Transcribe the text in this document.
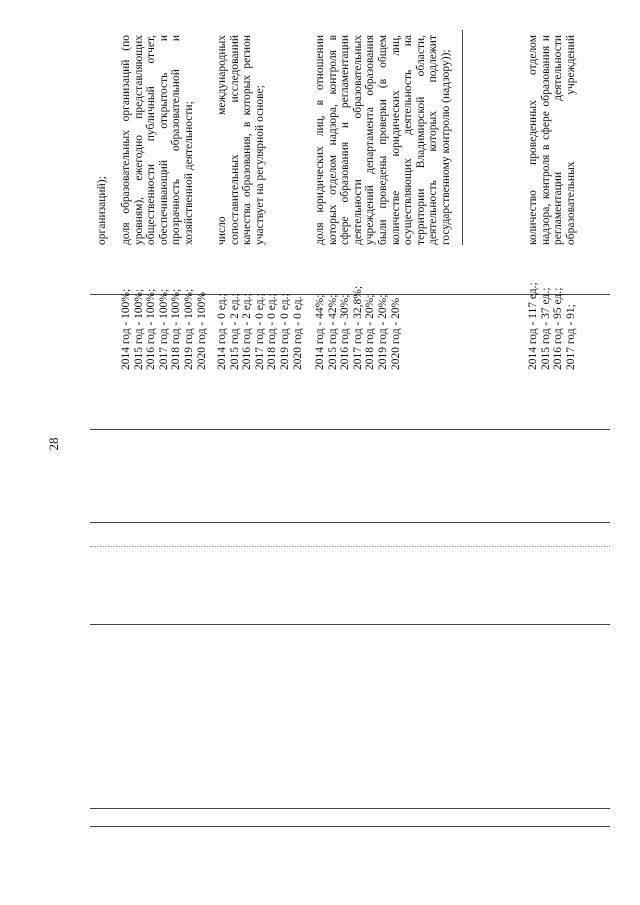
28
организаций);
2014 год - 100%; 2015 год - 100%; 2016 год - 100%; 2017 год - 100%; 2018 год - 100%; 2019 год - 100%; 2020 год - 100%
доля образовательных организаций (по уровням), ежегодно представляющих общественности публичный отчет, обеспечивающий открытость и прозрачность образовательной и хозяйственной деятельности;
2014 год - 0 ед.; 2015 год - 2 ед.; 2016 год - 2 ед.; 2017 год - 0 ед.; 2018 год - 0 ед.; 2019 год - 0 ед.; 2020 год - 0 ед.
число международных сопоставительных исследований качества образования, в которых регион участвует на регулярной основе;
2014 год - 44%; 2015 год - 42%; 2016 год - 30%; 2017 год - 32,8%; 2018 год - 20%; 2019 год - 20%; 2020 год - 20%
доля юридических лиц, в отношении которых отделом надзора, контроля в сфере образования и регламентации деятельности образовательных учреждений департамента образования были проведены проверки (в общем количестве юридических лиц, осуществляющих деятельность на территории Владимирской области, деятельность которых подлежит государственному контролю (надзору));
2014 год - 117 ед.; 2015 год - 37 ед.; 2016 год - 95 ед.; 2017 год - 91;
количество проведенных отделом надзора, контроля в сфере образования и регламентации деятельности образовательных учреждений
